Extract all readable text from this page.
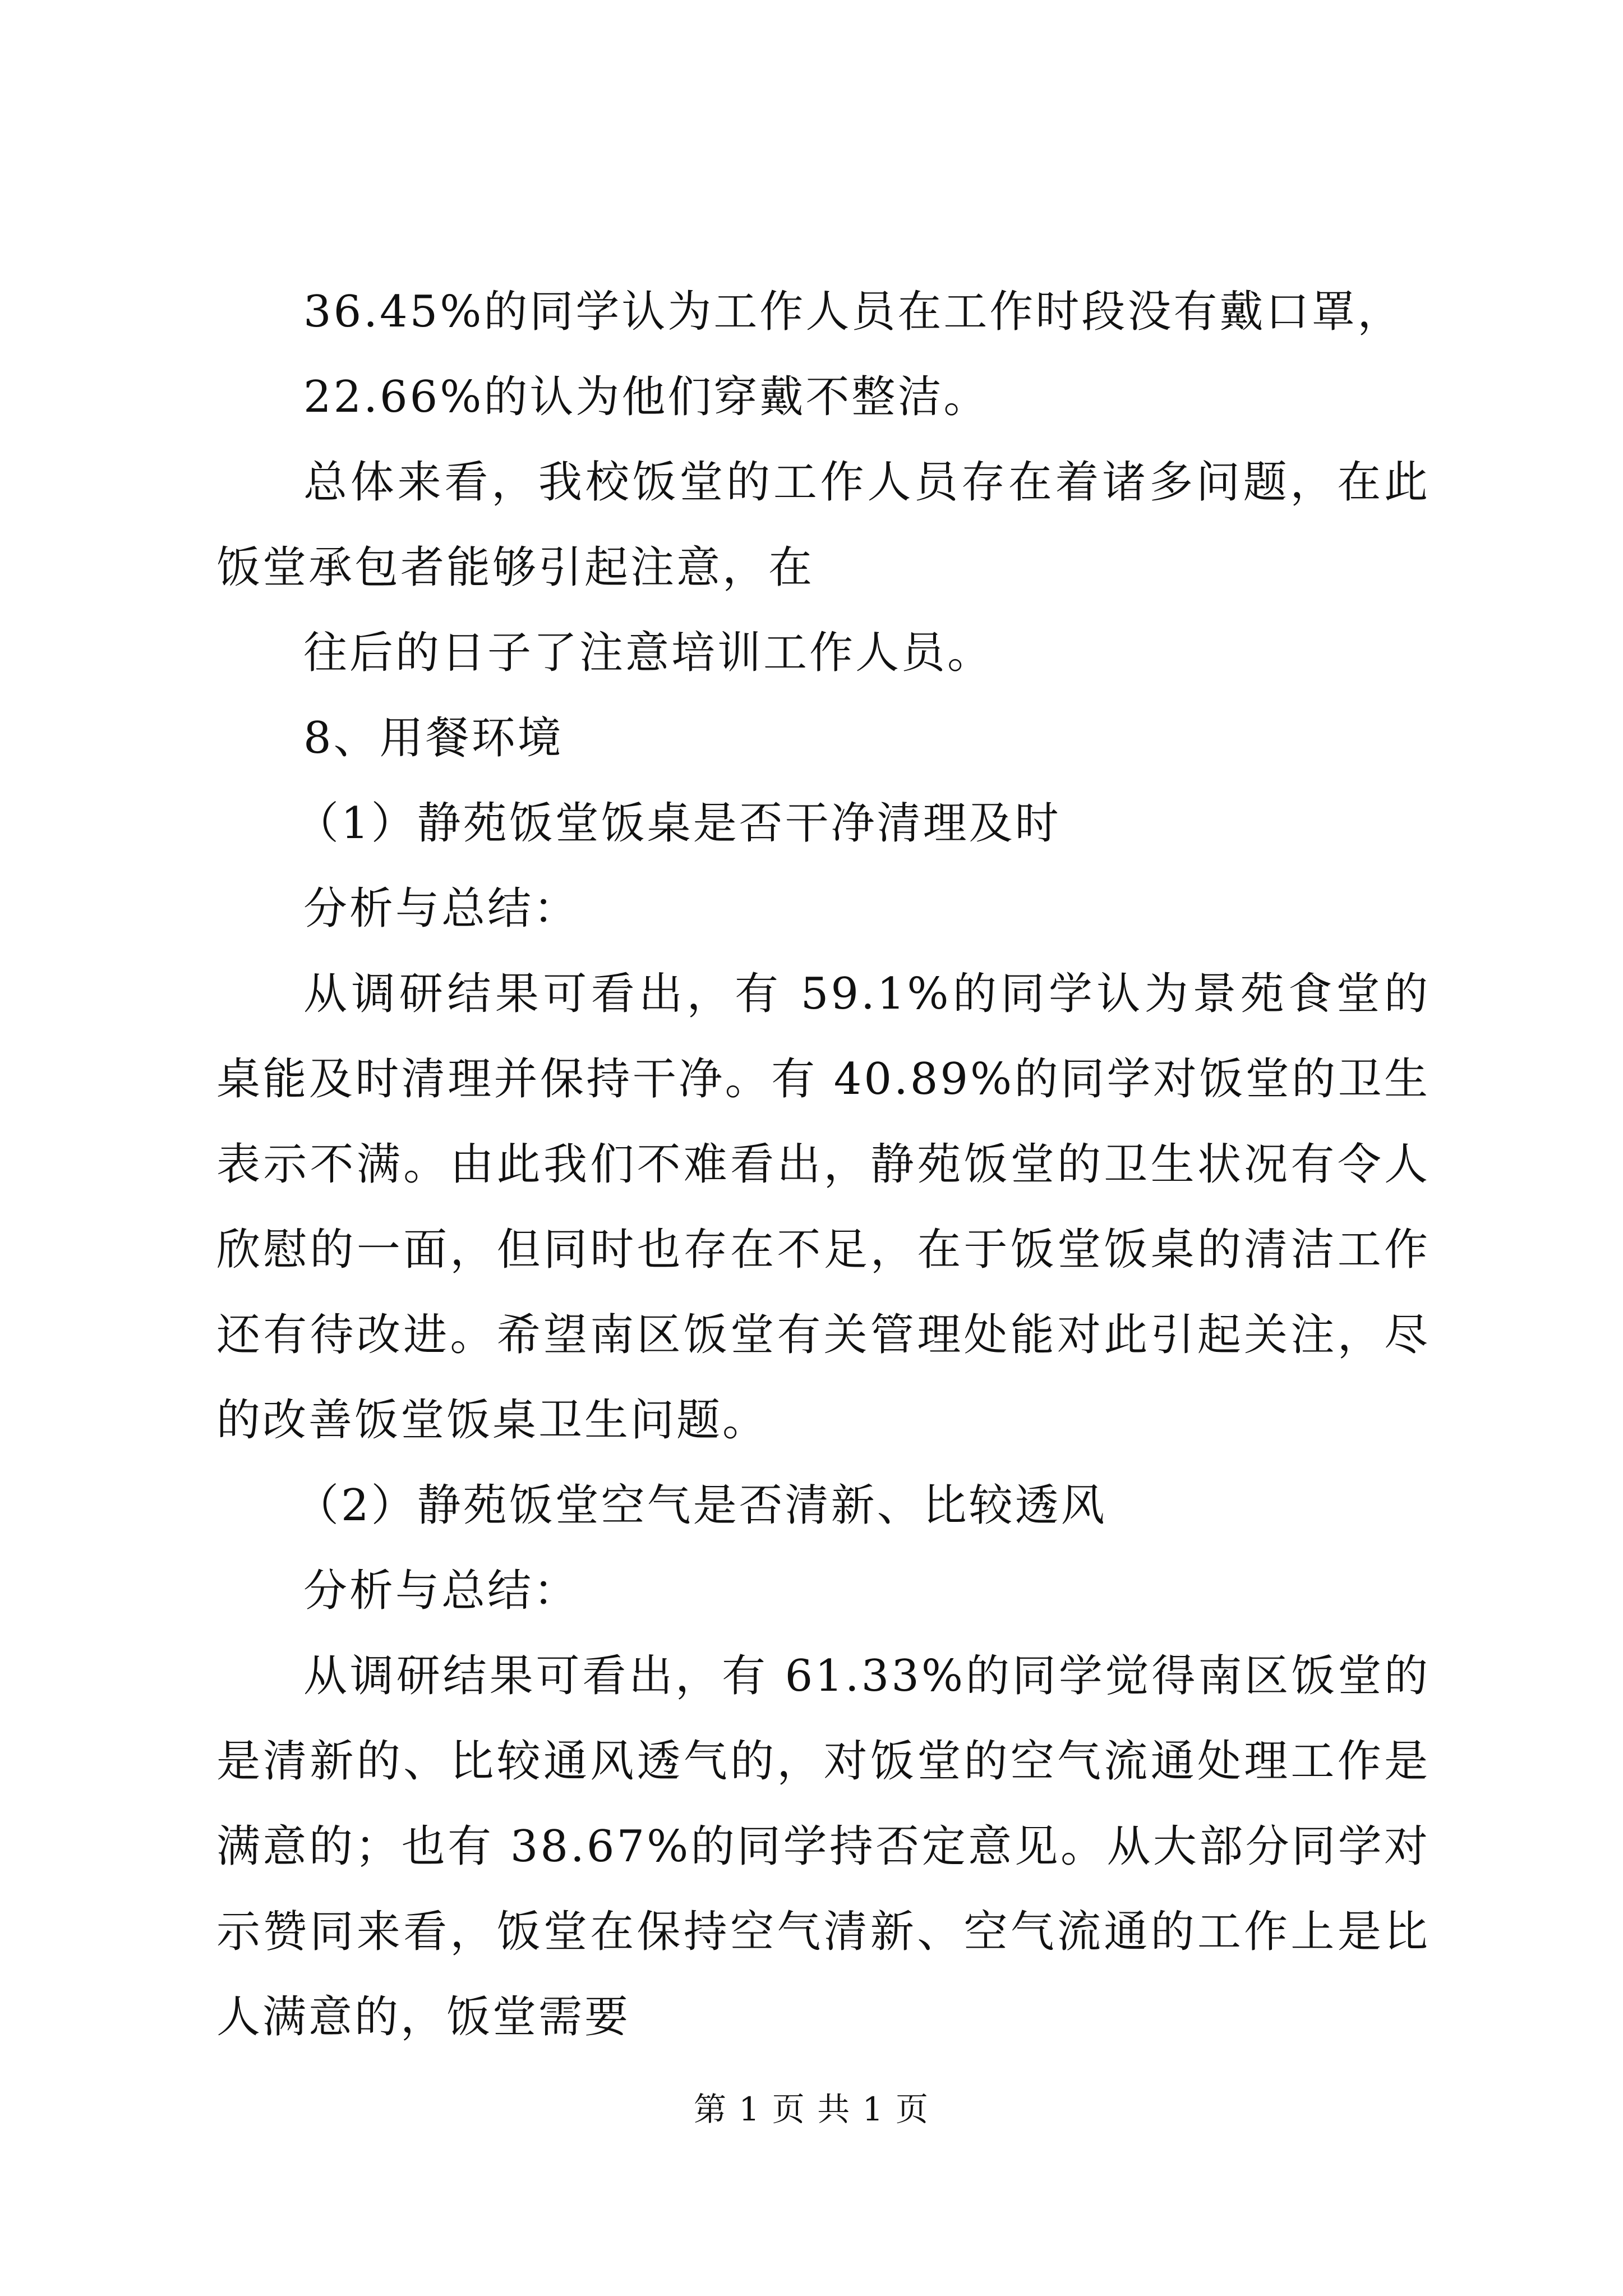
36.45%的同学认为工作人员在工作时段没有戴口罩，
22.66%的认为他们穿戴不整洁。
总体来看，我校饭堂的工作人员存在着诸多问题，在此
饭堂承包者能够引起注意，在
往后的日子了注意培训工作人员。
8、用餐环境
（1）静苑饭堂饭桌是否干净清理及时
分析与总结：
从调研结果可看出，有 59.1%的同学认为景苑食堂的
桌能及时清理并保持干净。有 40.89%的同学对饭堂的卫生
表示不满。由此我们不难看出，静苑饭堂的卫生状况有令人
欣慰的一面，但同时也存在不足，在于饭堂饭桌的清洁工作
还有待改进。希望南区饭堂有关管理处能对此引起关注，尽
的改善饭堂饭桌卫生问题。
（2）静苑饭堂空气是否清新、比较透风
分析与总结：
从调研结果可看出，有 61.33%的同学觉得南区饭堂的
是清新的、比较通风透气的，对饭堂的空气流通处理工作是
满意的；也有 38.67%的同学持否定意见。从大部分同学对
示赞同来看，饭堂在保持空气清新、空气流通的工作上是比
人满意的，饭堂需要
第 1 页 共 1 页
